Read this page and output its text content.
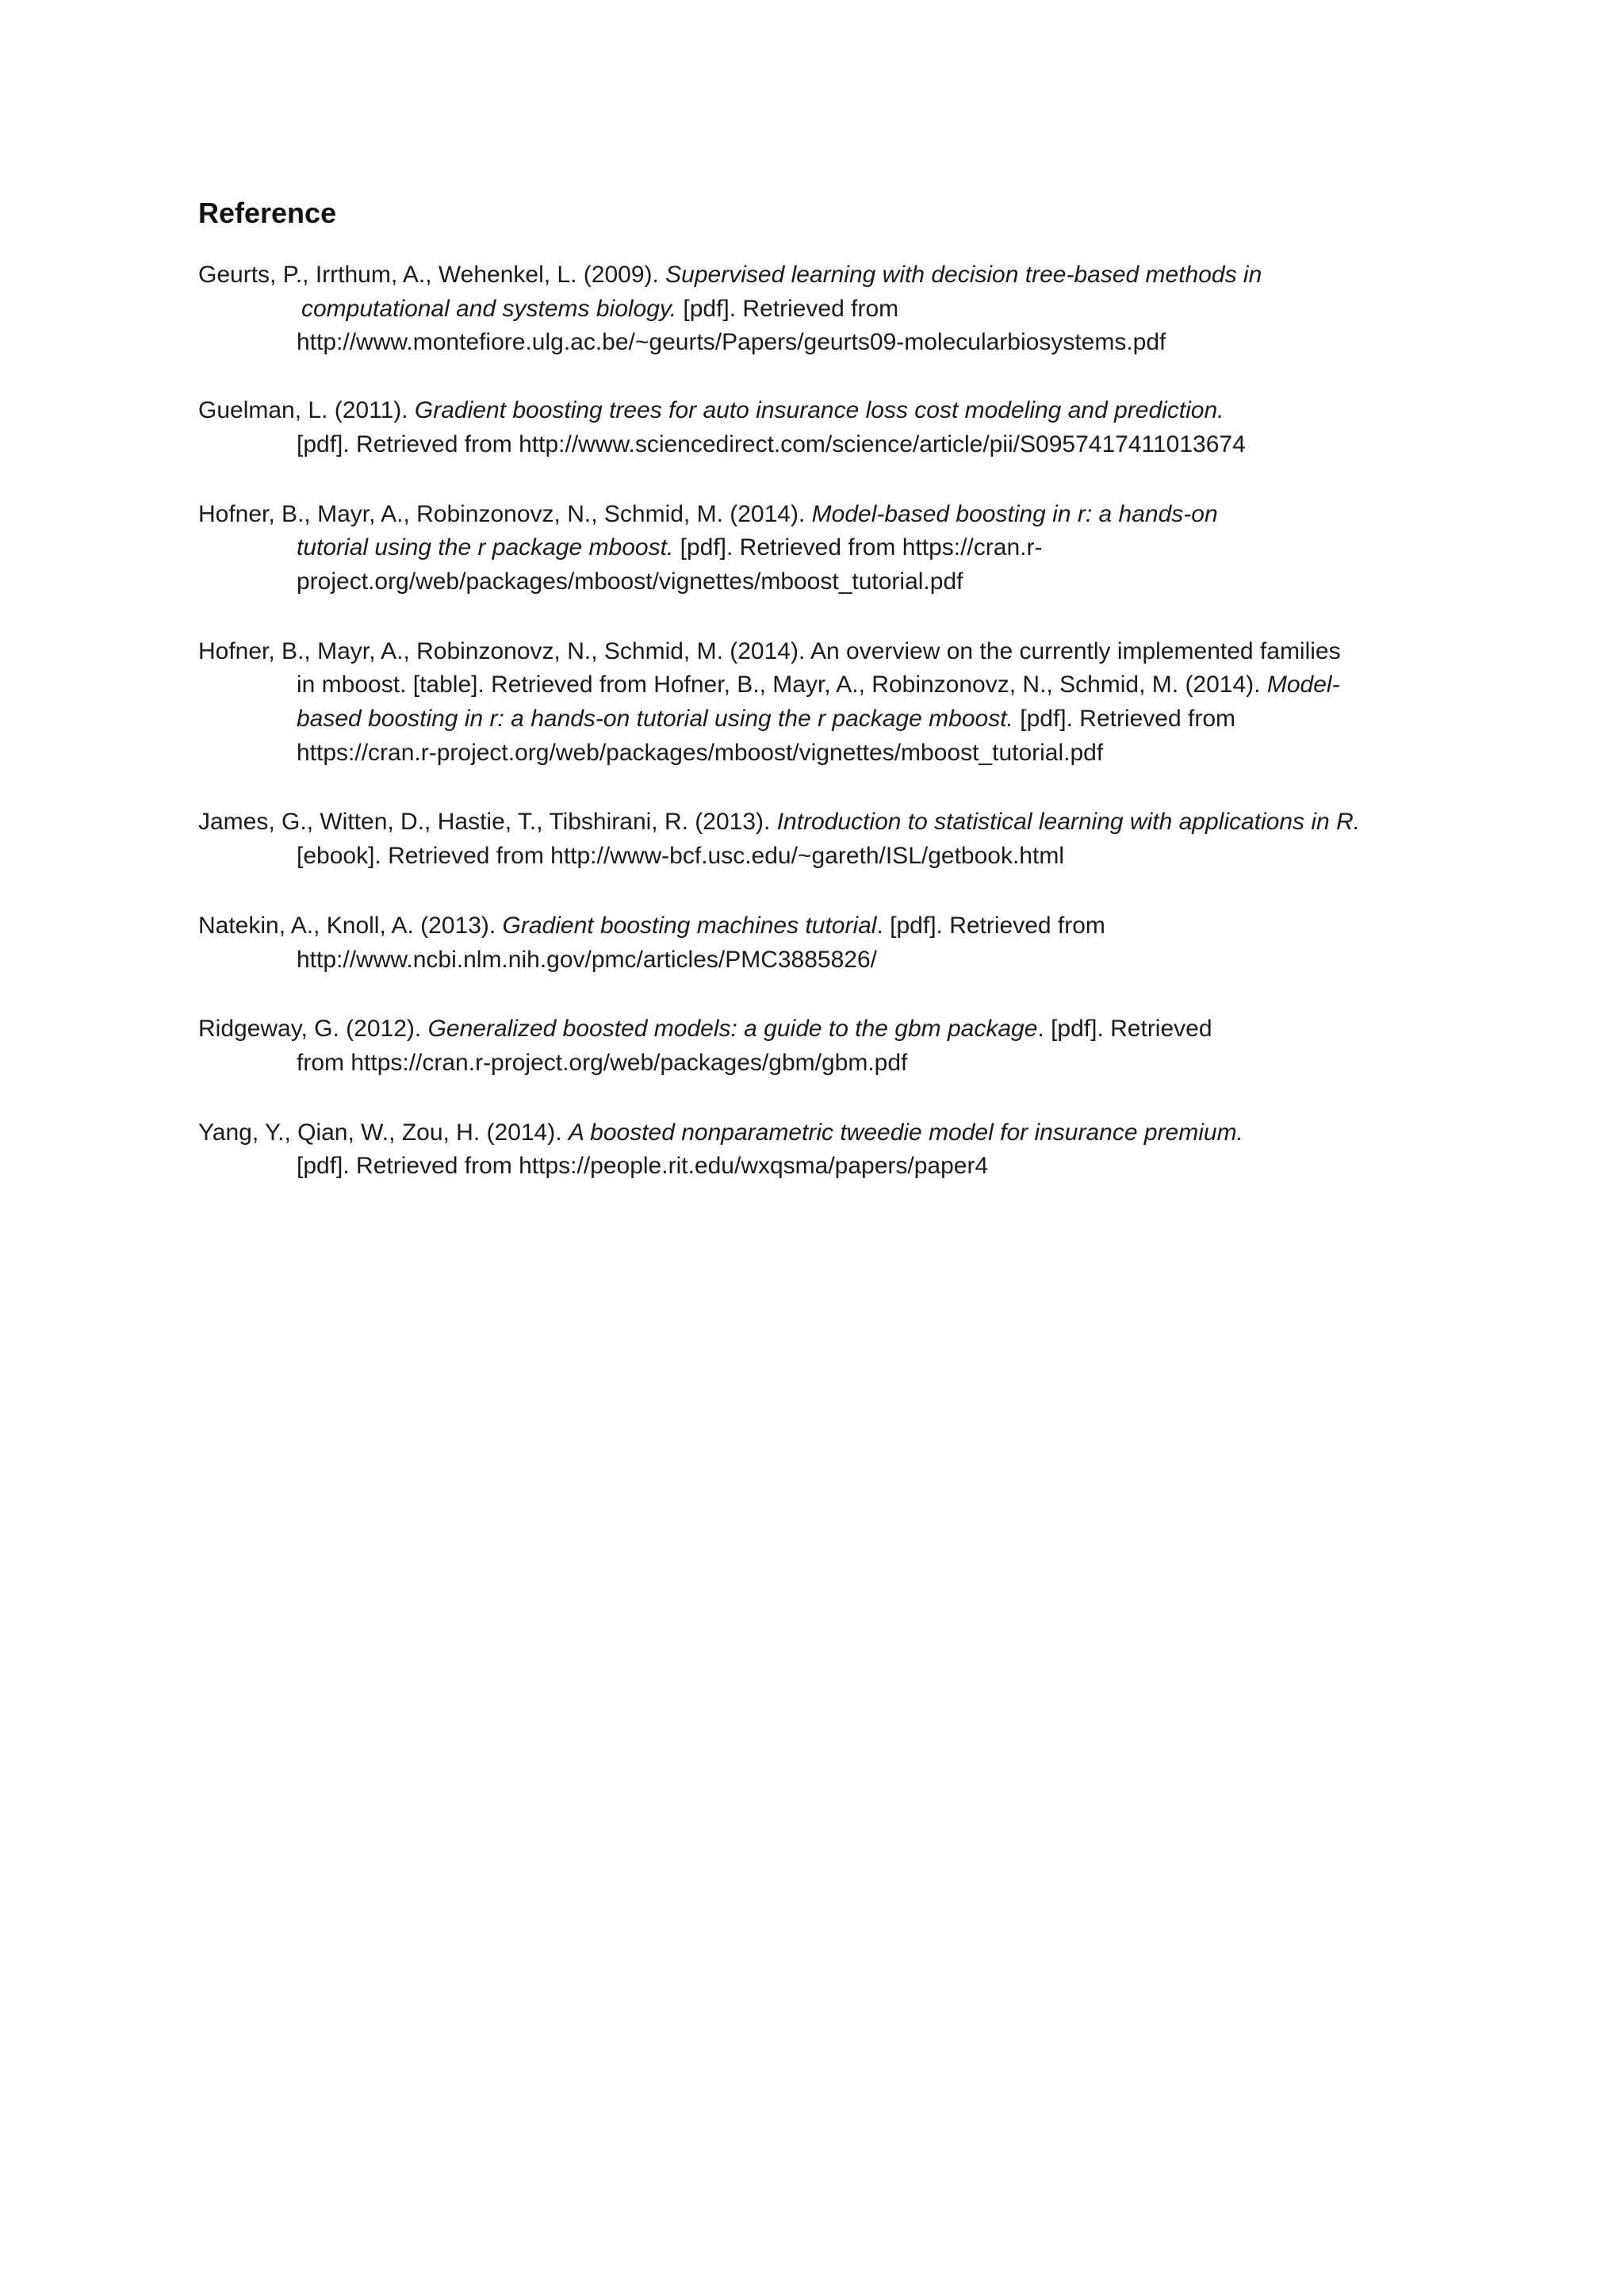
Reference
Geurts, P., Irrthum, A., Wehenkel, L. (2009). Supervised learning with decision tree-based methods in
computational and systems biology. [pdf]. Retrieved from
http://www.montefiore.ulg.ac.be/~geurts/Papers/geurts09-molecularbiosystems.pdf
Guelman, L. (2011). Gradient boosting trees for auto insurance loss cost modeling and prediction.
[pdf]. Retrieved from http://www.sciencedirect.com/science/article/pii/S0957417411013674
Hofner, B., Mayr, A., Robinzonovz, N., Schmid, M. (2014). Model-based boosting in r: a hands-on
tutorial using the r package mboost. [pdf]. Retrieved from https://cran.r-
project.org/web/packages/mboost/vignettes/mboost_tutorial.pdf
Hofner, B., Mayr, A., Robinzonovz, N., Schmid, M. (2014). An overview on the currently implemented families
in mboost. [table]. Retrieved from Hofner, B., Mayr, A., Robinzonovz, N., Schmid, M. (2014). Model-
based boosting in r: a hands-on tutorial using the r package mboost. [pdf]. Retrieved from
https://cran.r-project.org/web/packages/mboost/vignettes/mboost_tutorial.pdf
James, G., Witten, D., Hastie, T., Tibshirani, R. (2013). Introduction to statistical learning with applications in R.
[ebook]. Retrieved from http://www-bcf.usc.edu/~gareth/ISL/getbook.html
Natekin, A., Knoll, A. (2013). Gradient boosting machines tutorial. [pdf]. Retrieved from
http://www.ncbi.nlm.nih.gov/pmc/articles/PMC3885826/
Ridgeway, G. (2012). Generalized boosted models: a guide to the gbm package. [pdf]. Retrieved
from https://cran.r-project.org/web/packages/gbm/gbm.pdf
Yang, Y., Qian, W., Zou, H. (2014). A boosted nonparametric tweedie model for insurance premium.
[pdf]. Retrieved from https://people.rit.edu/wxqsma/papers/paper4
